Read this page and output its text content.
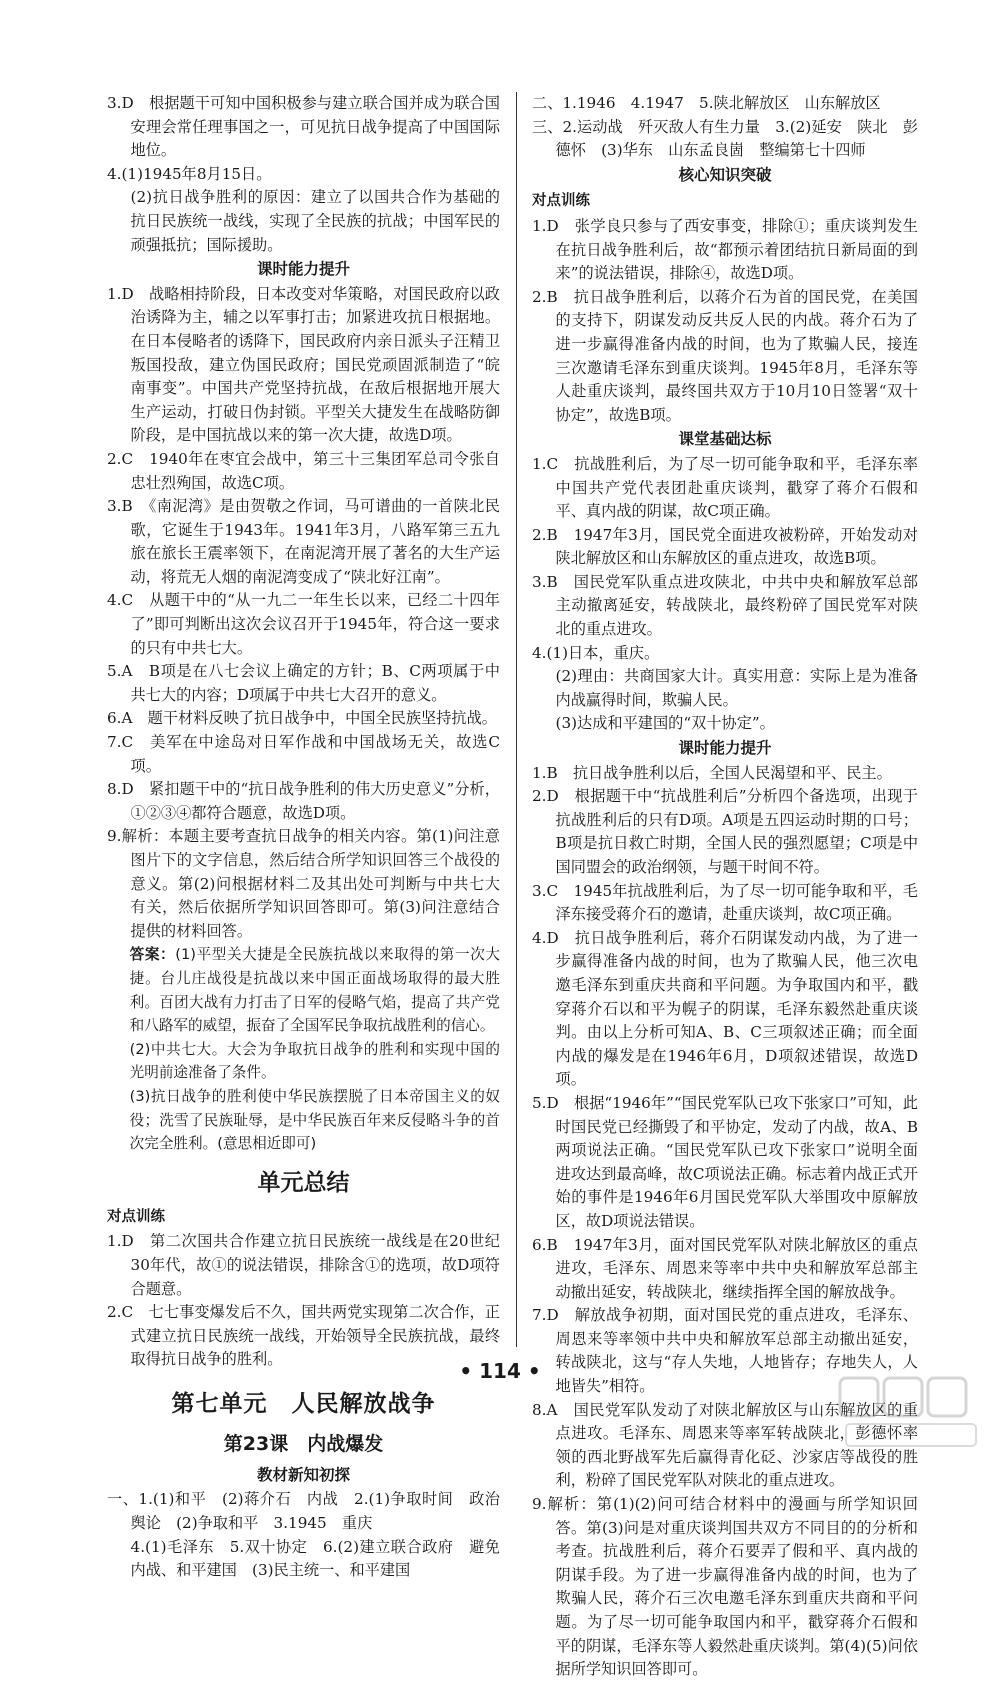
3.D　根据题干可知中国积极参与建立联合国并成为联合国安理会常任理事国之一，可见抗日战争提高了中国国际地位。

4.(1)1945年8月15日。

(2)抗日战争胜利的原因：建立了以国共合作为基础的抗日民族统一战线，实现了全民族的抗战；中国军民的顽强抵抗；国际援助。

课时能力提升

1.D　战略相持阶段，日本改变对华策略，对国民政府以政治诱降为主，辅之以军事打击；加紧进攻抗日根据地。在日本侵略者的诱降下，国民政府内亲日派头子汪精卫叛国投敌，建立伪国民政府；国民党顽固派制造了“皖南事变”。中国共产党坚持抗战，在敌后根据地开展大生产运动，打破日伪封锁。平型关大捷发生在战略防御阶段，是中国抗战以来的第一次大捷，故选D项。

2.C　1940年在枣宜会战中，第三十三集团军总司令张自忠壮烈殉国，故选C项。

3.B　《南泥湾》是由贺敬之作词，马可谱曲的一首陕北民歌，它诞生于1943年。1941年3月，八路军第三五九旅在旅长王震率领下，在南泥湾开展了著名的大生产运动，将荒无人烟的南泥湾变成了“陕北好江南”。

4.C　从题干中的“从一九二一年生长以来，已经二十四年了”即可判断出这次会议召开于1945年，符合这一要求的只有中共七大。

5.A　B项是在八七会议上确定的方针；B、C两项属于中共七大的内容；D项属于中共七大召开的意义。

6.A　题干材料反映了抗日战争中，中国全民族坚持抗战。

7.C　美军在中途岛对日军作战和中国战场无关，故选C项。

8.D　紧扣题干中的“抗日战争胜利的伟大历史意义”分析，①②③④都符合题意，故选D项。

9.解析：本题主要考查抗日战争的相关内容。第(1)问注意图片下的文字信息，然后结合所学知识回答三个战役的意义。第(2)问根据材料二及其出处可判断与中共七大有关，然后依据所学知识回答即可。第(3)问注意结合提供的材料回答。

答案：(1)平型关大捷是全民族抗战以来取得的第一次大捷。台儿庄战役是抗战以来中国正面战场取得的最大胜利。百团大战有力打击了日军的侵略气焰，提高了共产党和八路军的威望，振奋了全国军民争取抗战胜利的信心。

(2)中共七大。大会为争取抗日战争的胜利和实现中国的光明前途准备了条件。

(3)抗日战争的胜利使中华民族摆脱了日本帝国主义的奴役；洗雪了民族耻辱，是中华民族百年来反侵略斗争的首次完全胜利。(意思相近即可)

单元总结

对点训练

1.D　第二次国共合作建立抗日民族统一战线是在20世纪30年代，故①的说法错误，排除含①的选项，故D项符合题意。

2.C　七七事变爆发后不久，国共两党实现第二次合作，正式建立抗日民族统一战线，开始领导全民族抗战，最终取得抗日战争的胜利。

第七单元　人民解放战争

第23课　内战爆发

教材新知初探

一、1.(1)和平　(2)蒋介石　内战　2.(1)争取时间　政治舆论　(2)争取和平　3.1945　重庆

4.(1)毛泽东　5.双十协定　6.(2)建立联合政府　避免内战、和平建国　(3)民主统一、和平建国

二、1.1946　4.1947　5.陕北解放区　山东解放区

三、2.运动战　歼灭敌人有生力量　3.(2)延安　陕北　彭德怀　(3)华东　山东孟良崮　整编第七十四师

核心知识突破

对点训练

1.D　张学良只参与了西安事变，排除①；重庆谈判发生在抗日战争胜利后，故“都预示着团结抗日新局面的到来”的说法错误，排除④，故选D项。

2.B　抗日战争胜利后，以蒋介石为首的国民党，在美国的支持下，阴谋发动反共反人民的内战。蒋介石为了进一步赢得准备内战的时间，也为了欺骗人民，接连三次邀请毛泽东到重庆谈判。1945年8月，毛泽东等人赴重庆谈判，最终国共双方于10月10日签署“双十协定”，故选B项。

课堂基础达标

1.C　抗战胜利后，为了尽一切可能争取和平，毛泽东率中国共产党代表团赴重庆谈判，戳穿了蒋介石假和平、真内战的阴谋，故C项正确。

2.B　1947年3月，国民党全面进攻被粉碎，开始发动对陕北解放区和山东解放区的重点进攻，故选B项。

3.B　国民党军队重点进攻陕北，中共中央和解放军总部主动撤离延安，转战陕北，最终粉碎了国民党军对陕北的重点进攻。

4.(1)日本，重庆。

(2)理由：共商国家大计。真实用意：实际上是为准备内战赢得时间，欺骗人民。

(3)达成和平建国的“双十协定”。

课时能力提升

1.B　抗日战争胜利以后，全国人民渴望和平、民主。

2.D　根据题干中“抗战胜利后”分析四个备选项，出现于抗战胜利后的只有D项。A项是五四运动时期的口号；B项是抗日救亡时期，全国人民的强烈愿望；C项是中国同盟会的政治纲领，与题干时间不符。

3.C　1945年抗战胜利后，为了尽一切可能争取和平，毛泽东接受蒋介石的邀请，赴重庆谈判，故C项正确。

4.D　抗日战争胜利后，蒋介石阴谋发动内战，为了进一步赢得准备内战的时间，也为了欺骗人民，他三次电邀毛泽东到重庆共商和平问题。为争取国内和平，戳穿蒋介石以和平为幌子的阴谋，毛泽东毅然赴重庆谈判。由以上分析可知A、B、C三项叙述正确；而全面内战的爆发是在1946年6月，D项叙述错误，故选D项。

5.D　根据“1946年”“国民党军队已攻下张家口”可知，此时国民党已经撕毁了和平协定，发动了内战，故A、B两项说法正确。“国民党军队已攻下张家口”说明全面进攻达到最高峰，故C项说法正确。标志着内战正式开始的事件是1946年6月国民党军队大举围攻中原解放区，故D项说法错误。

6.B　1947年3月，面对国民党军队对陕北解放区的重点进攻，毛泽东、周恩来等率中共中央和解放军总部主动撤出延安，转战陕北，继续指挥全国的解放战争。

7.D　解放战争初期，面对国民党的重点进攻，毛泽东、周恩来等率领中共中央和解放军总部主动撤出延安，转战陕北，这与“存人失地，人地皆存；存地失人，人地皆失”相符。

8.A　国民党军队发动了对陕北解放区与山东解放区的重点进攻。毛泽东、周恩来等率军转战陕北，彭德怀率领的西北野战军先后赢得青化砭、沙家店等战役的胜利，粉碎了国民党军队对陕北的重点进攻。

9.解析：第(1)(2)问可结合材料中的漫画与所学知识回答。第(3)问是对重庆谈判国共双方不同目的的分析和考查。抗战胜利后，蒋介石要弄了假和平、真内战的阴谋手段。为了进一步赢得准备内战的时间，也为了欺骗人民，蒋介石三次电邀毛泽东到重庆共商和平问题。为了尽一切可能争取国内和平，戳穿蒋介石假和平的阴谋，毛泽东等人毅然赴重庆谈判。第(4)(5)问依据所学知识回答即可。

• 114 •
